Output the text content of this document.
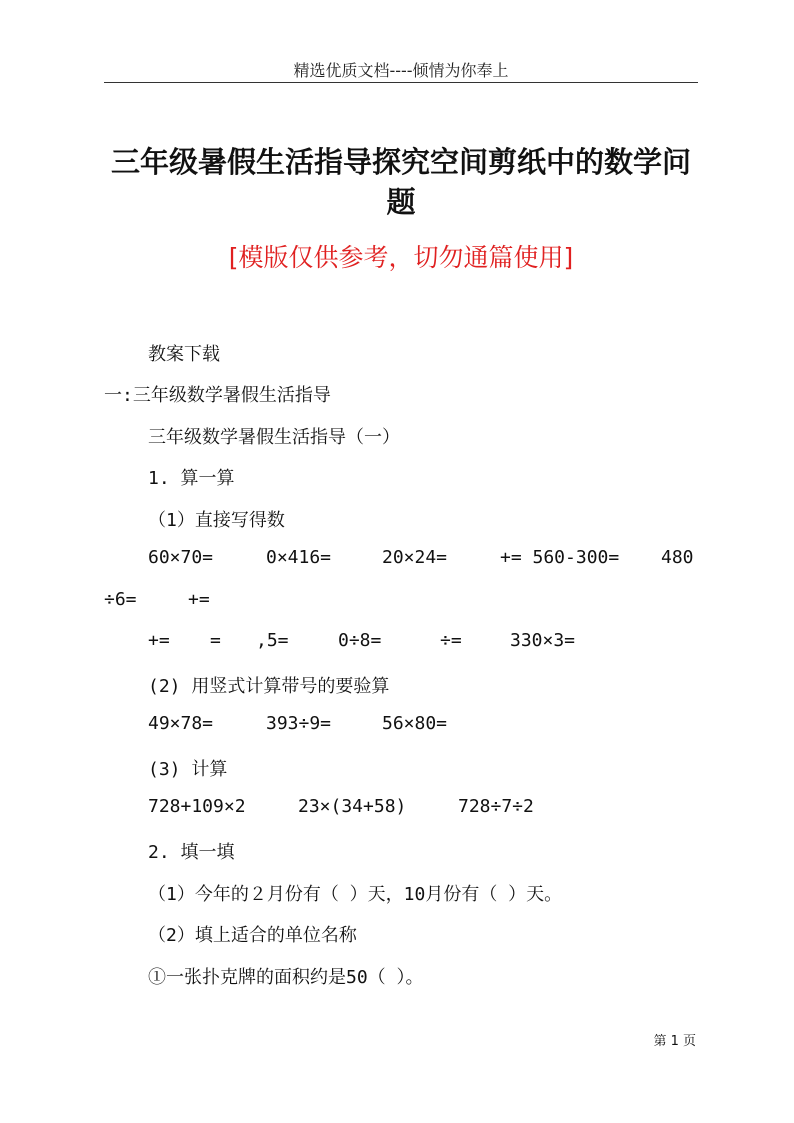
精选优质文档----倾情为你奉上
三年级暑假生活指导探究空间剪纸中的数学问
题
[模版仅供参考，切勿通篇使用]
教案下载
一:三年级数学暑假生活指导
三年级数学暑假生活指导（一）
1. 算一算
（1）直接写得数
60×70=	0×416=	20×24=	+= 560-300= 480
÷6=	+=
+= = ,5=	0÷8=	÷=	330×3=
(2) 用竖式计算带号的要验算
49×78=	393÷9=	56×80=
(3) 计算
728+109×2	23×(34+58)	728÷7÷2
2. 填一填
（1）今年的２月份有（ ）天，10月份有（ ）天。
（2）填上适合的单位名称
①一张扑克牌的面积约是50（ ）。
第 1 页
